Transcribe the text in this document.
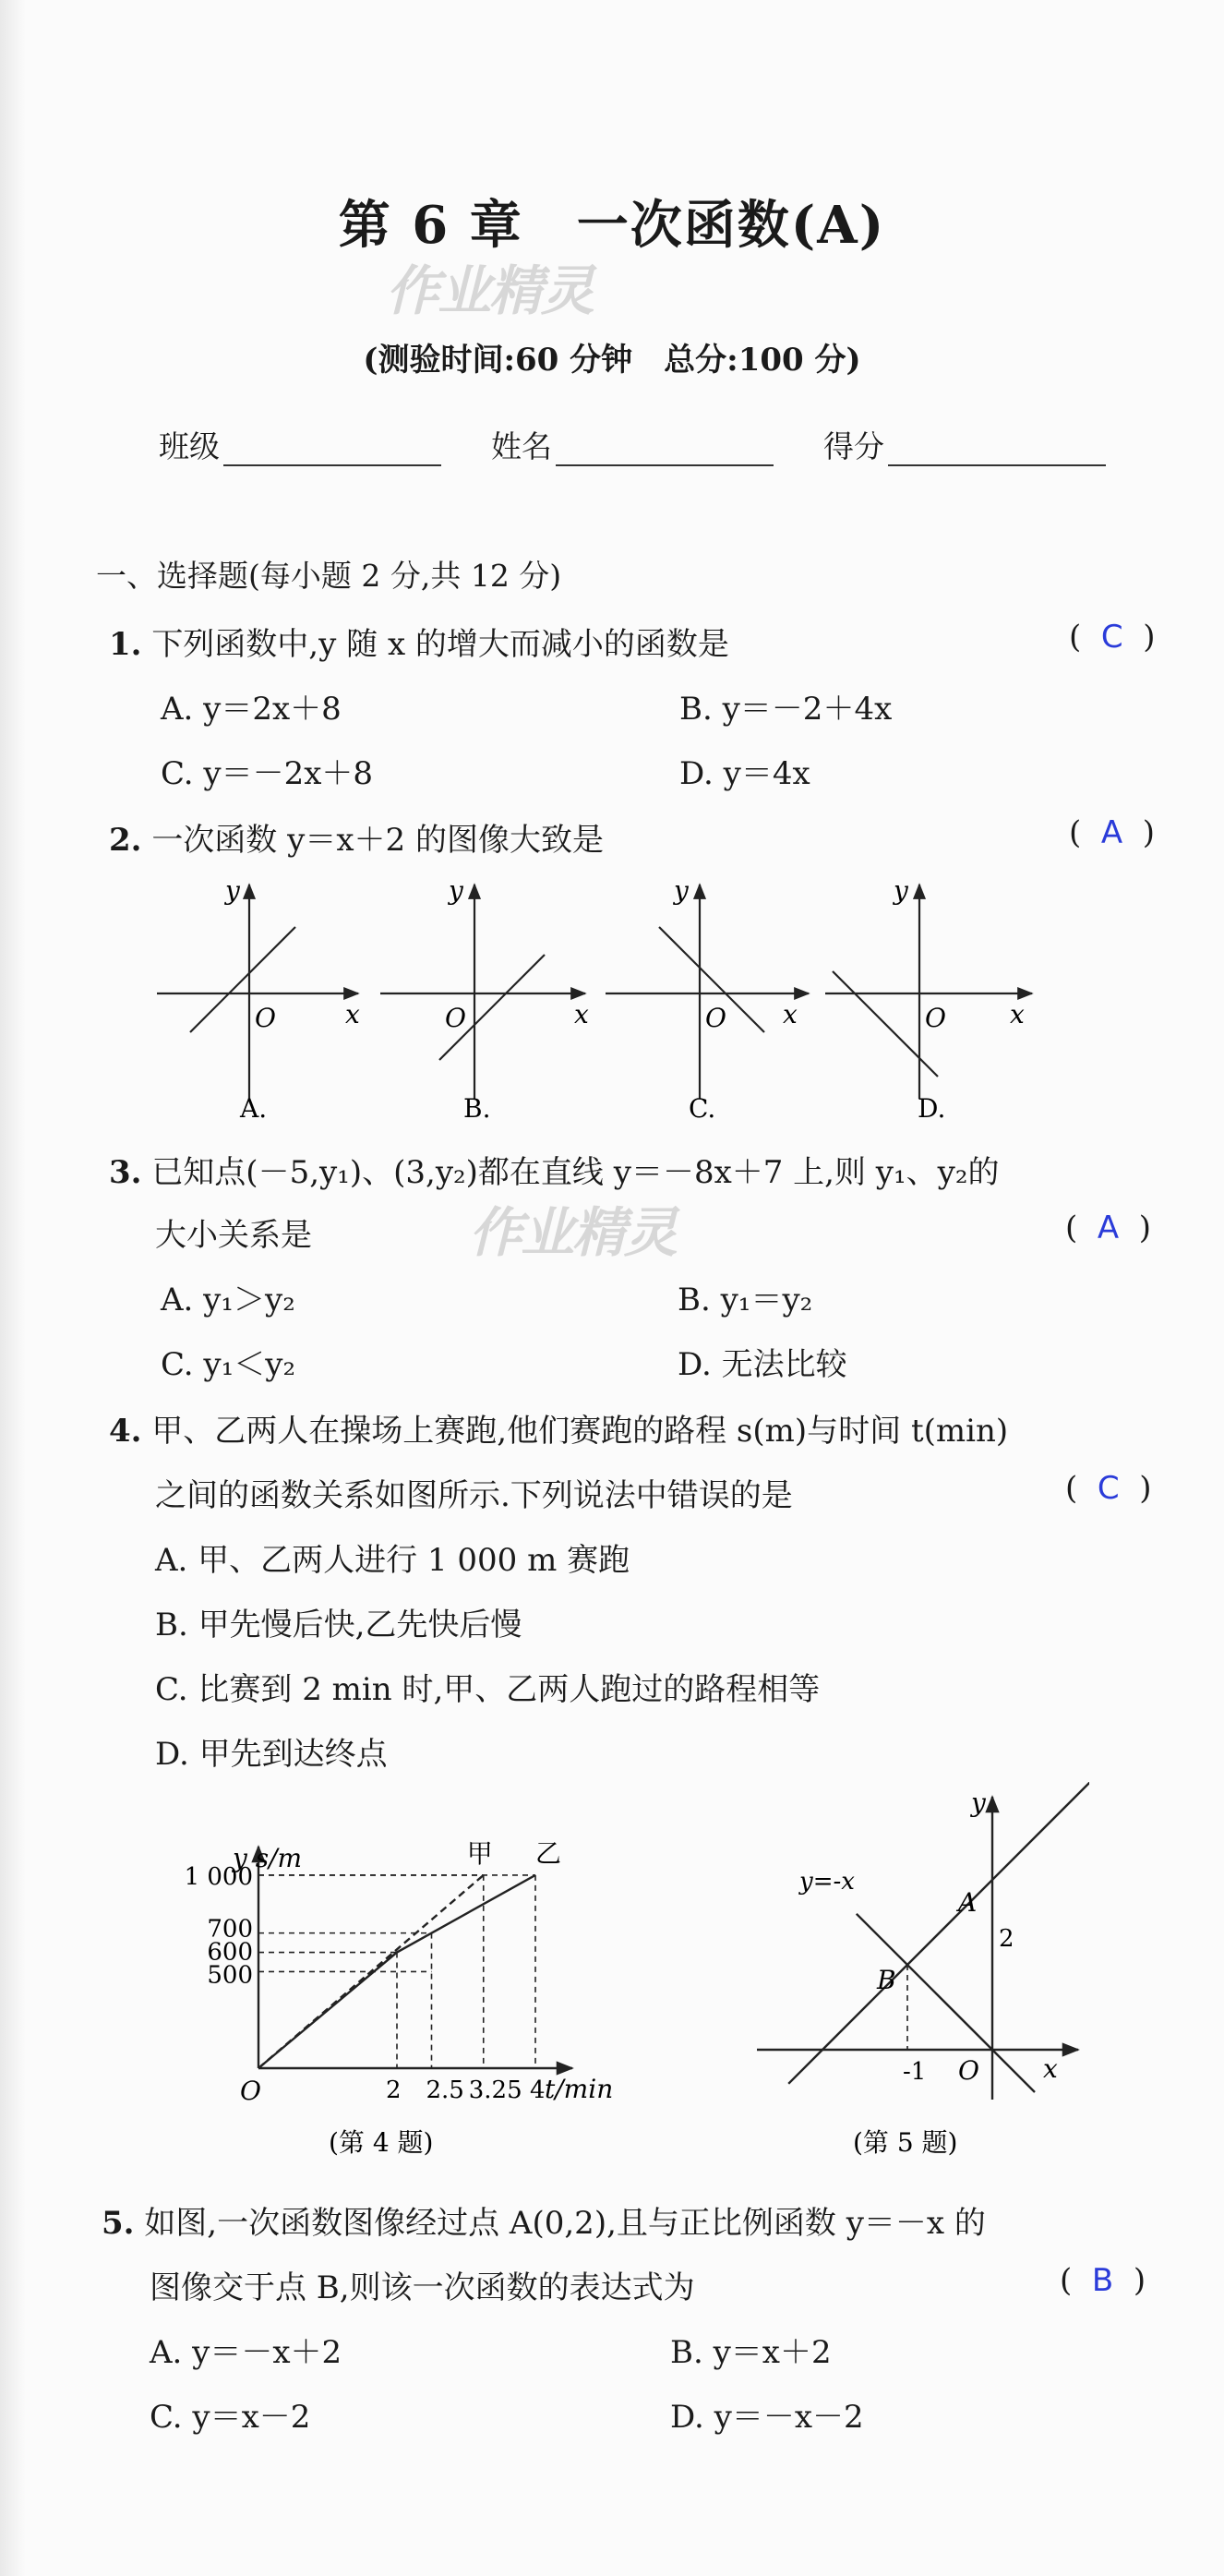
第 6 章　一次函数(A)
作业精灵
(测验时间:60 分钟　总分:100 分)
班级	姓名	得分
一、选择题(每小题 2 分,共 12 分)
1. 下列函数中,y 随 x 的增大而减小的函数是	(  C  )
A. y＝2x＋8	B. y＝－2＋4x
C. y＝－2x＋8	D. y＝4x
2. 一次函数 y＝x＋2 的图像大致是	(  A  )
y
x
O
A.
y
x
O
B.
y
x
O
C.
y
x
O
D.
3. 已知点(－5,y₁)、(3,y₂)都在直线 y＝－8x＋7 上,则 y₁、y₂的
大小关系是	(  A  )
作业精灵
A. y₁＞y₂	B. y₁＝y₂
C. y₁＜y₂	D. 无法比较
4. 甲、乙两人在操场上赛跑,他们赛跑的路程 s(m)与时间 t(min)
之间的函数关系如图所示.下列说法中错误的是	(  C  )
A. 甲、乙两人进行 1 000 m 赛跑
B. 甲先慢后快,乙先快后慢
C. 比赛到 2 min 时,甲、乙两人跑过的路程相等
D. 甲先到达终点
甲 乙
2 2.5 3.25 4
500
600
700
1 000
y s/m
t/min
O
(第 4 题)
y
x
O
y=-x
A
B
2
-1
(第 5 题)
5. 如图,一次函数图像经过点 A(0,2),且与正比例函数 y＝－x 的
图像交于点 B,则该一次函数的表达式为	(  B  )
A. y＝－x＋2	B. y＝x＋2
C. y＝x－2	D. y＝－x－2
